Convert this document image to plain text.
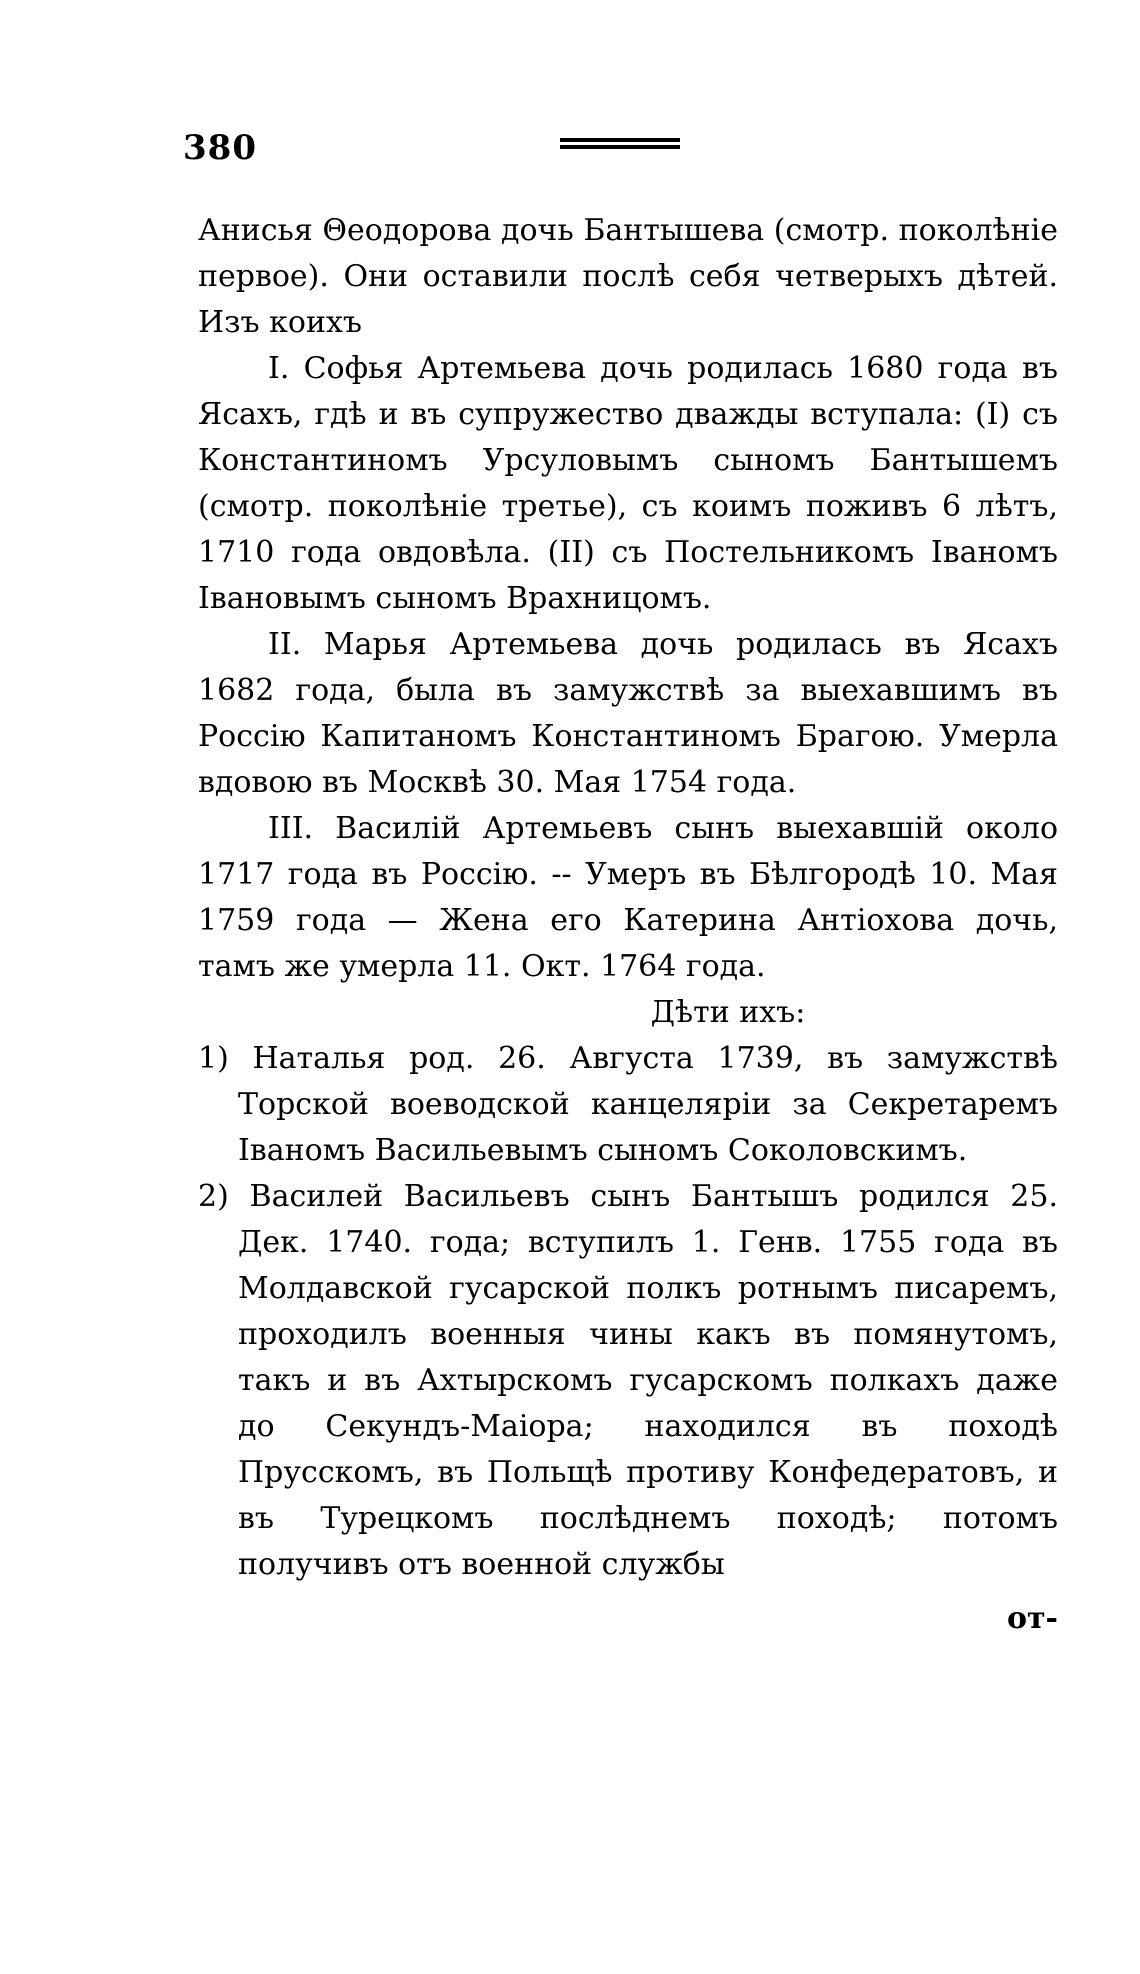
380

Анисья Θеодорова дочь Бантышева (смотр. поколѣніе первое). Они оставили послѣ себя четверыхъ дѣтей. Изъ коихъ

I. Софья Артемьева дочь родилась 1680 года въ Ясахъ, гдѣ и въ супружество дважды вступала: (I) съ Константиномъ Урсуловымъ сыномъ Бантышемъ (смотр. поколѣніе третье), съ коимъ поживъ 6 лѣтъ, 1710 года овдовѣла. (II) съ Постельникомъ Іваномъ Івановымъ сыномъ Врахницомъ.

II. Марья Артемьева дочь родилась въ Ясахъ 1682 года, была въ замужствѣ за выехавшимъ въ Россію Капитаномъ Константиномъ Брагою. Умерла вдовою въ Москвѣ 30. Мая 1754 года.

III. Василій Артемьевъ сынъ выехавшій около 1717 года въ Россію. -- Умеръ въ Бѣлгородѣ 10. Мая 1759 года — Жена его Катерина Антіохова дочь, тамъ же умерла 11. Окт. 1764 года.

Дѣти ихъ:

1) Наталья род. 26. Августа 1739, въ замужствѣ Торской воеводской канцеляріи за Секретаремъ Іваномъ Васильевымъ сыномъ Соколовскимъ.

2) Василей Васильевъ сынъ Бантышъ родился 25. Дек. 1740. года; вступилъ 1. Генв. 1755 года въ Молдавской гусарской полкъ ротнымъ писаремъ, проходилъ военныя чины какъ въ помянутомъ, такъ и въ Ахтырскомъ гусарскомъ полкахъ даже до Секундъ-Маіора; находился въ походѣ Прусскомъ, въ Польщѣ противу Конфедератовъ, и въ Турецкомъ послѣднемъ походѣ; потомъ получивъ отъ военной службы

от-
